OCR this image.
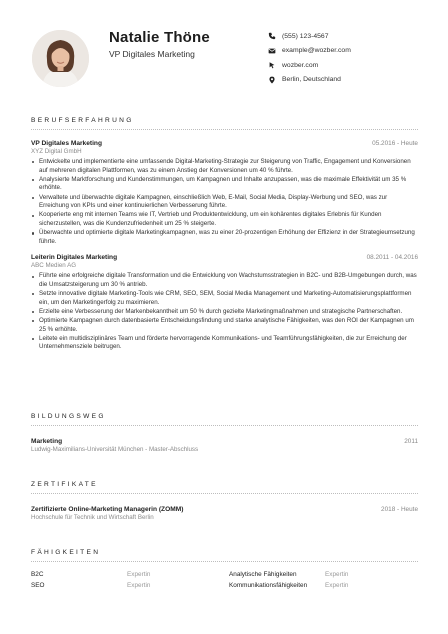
Natalie Thöne
VP Digitales Marketing
(555) 123-4567
example@wozber.com
wozber.com
Berlin, Deutschland
BERUFSERFAHRUNG
VP Digitales Marketing	05.2016 - Heute
XYZ Digital GmbH
Entwickelte und implementierte eine umfassende Digital-Marketing-Strategie zur Steigerung von Traffic, Engagement und Konversionen auf mehreren digitalen Plattformen, was zu einem Anstieg der Konversionen um 40 % führte.
Analysierte Marktforschung und Kundenstimmungen, um Kampagnen und Inhalte anzupassen, was die maximale Effektivität um 35 % erhöhte.
Verwaltete und überwachte digitale Kampagnen, einschließlich Web, E-Mail, Social Media, Display-Werbung und SEO, was zur Erreichung von KPIs und einer kontinuierlichen Verbesserung führte.
Kooperierte eng mit internen Teams wie IT, Vertrieb und Produktentwicklung, um ein kohärentes digitales Erlebnis für Kunden sicherzustellen, was die Kundenzufriedenheit um 25 % steigerte.
Überwachte und optimierte digitale Marketingkampagnen, was zu einer 20-prozentigen Erhöhung der Effizienz in der Strategieumsetzung führte.
Leiterin Digitales Marketing	08.2011 - 04.2016
ABC Medien AG
Führte eine erfolgreiche digitale Transformation und die Entwicklung von Wachstumsstrategien in B2C- und B2B-Umgebungen durch, was die Umsatzsteigerung um 30 % antrieb.
Setzte innovative digitale Marketing-Tools wie CRM, SEO, SEM, Social Media Management und Marketing-Automatisierungsplattformen ein, um den Marketingerfolg zu maximieren.
Erzielte eine Verbesserung der Markenbekanntheit um 50 % durch gezielte Marketingmaßnahmen und strategische Partnerschaften.
Optimierte Kampagnen durch datenbasierte Entscheidungsfindung und starke analytische Fähigkeiten, was den ROI der Kampagnen um 25 % erhöhte.
Leitete ein multidisziplinäres Team und förderte hervorragende Kommunikations- und Teamführungsfähigkeiten, die zur Erreichung der Unternehmensziele beitrugen.
BILDUNGSWEG
Marketing	2011
Ludwig-Maximilians-Universität München - Master-Abschluss
ZERTIFIKATE
Zertifizierte Online-Marketing Managerin (ZOMM)	2018 - Heute
Hochschule für Technik und Wirtschaft Berlin
FÄHIGKEITEN
B2C	Expertin	Analytische Fähigkeiten	Expertin
SEO	Expertin	Kommunikationsfähigkeiten	Expertin
